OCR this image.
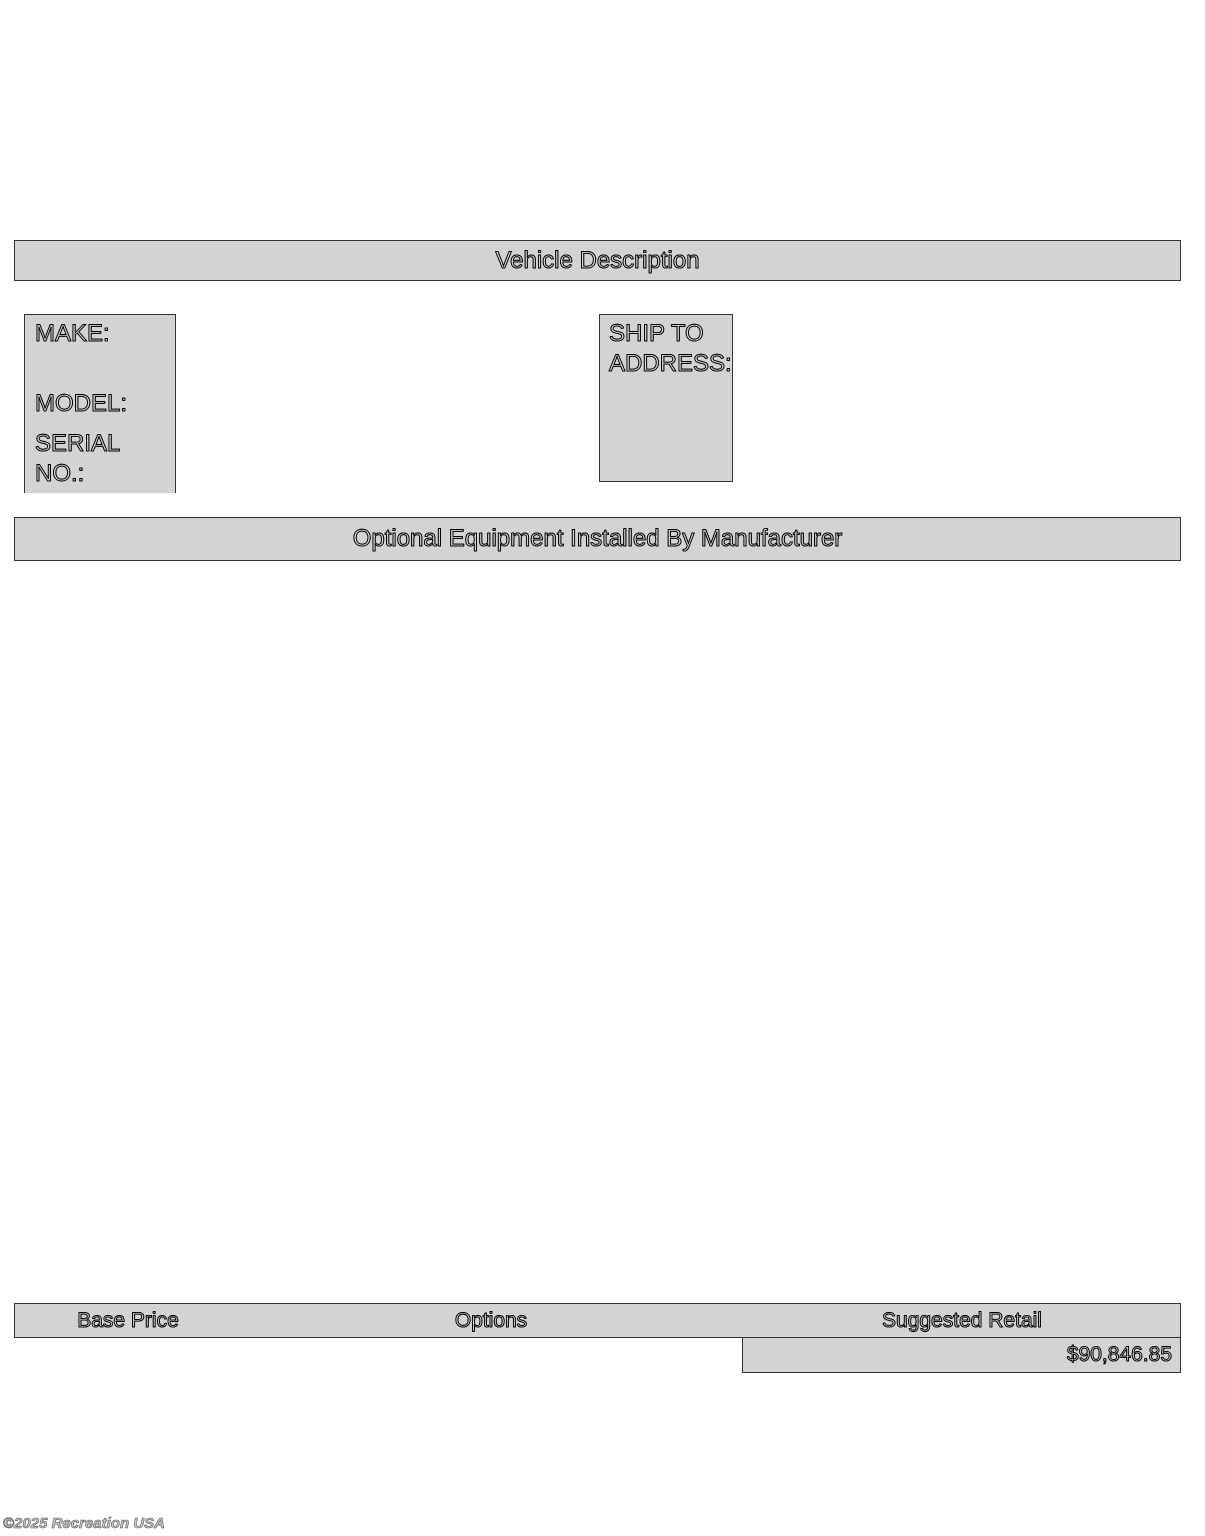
Vehicle Description
MAKE:
MODEL:
SERIAL NO.:
SHIP TO ADDRESS:
Optional Equipment Installed By Manufacturer
Base Price	Options	Suggested Retail
$90,846.85
©2025 Recreation USA
